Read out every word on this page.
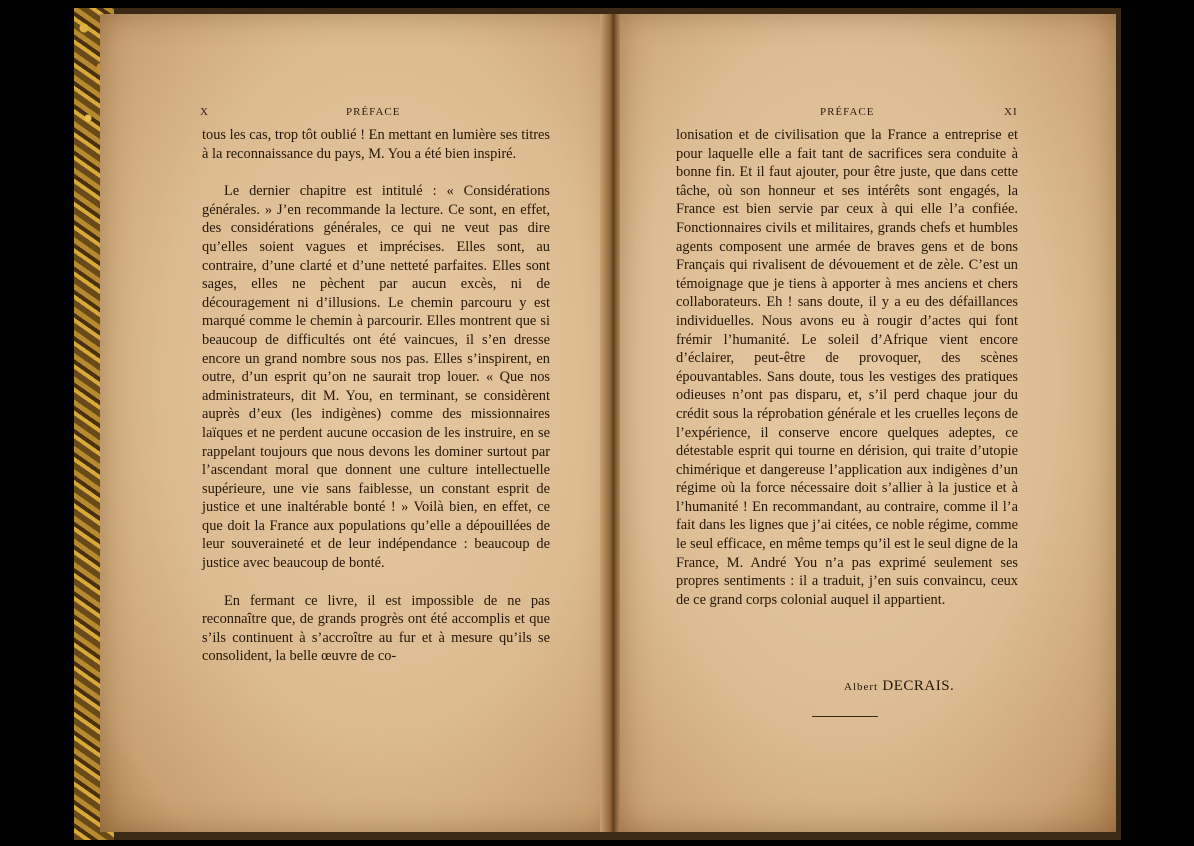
X	PRÉFACE

tous les cas, trop tôt oublié ! En mettant en lumière ses titres à la reconnaissance du pays, M. You a été bien inspiré.

Le dernier chapitre est intitulé : « Considérations générales. » J’en recommande la lecture. Ce sont, en effet, des considérations générales, ce qui ne veut pas dire qu’elles soient vagues et imprécises. Elles sont, au contraire, d’une clarté et d’une netteté parfaites. Elles sont sages, elles ne pèchent par aucun excès, ni de découragement ni d’illusions. Le chemin parcouru y est marqué comme le chemin à parcourir. Elles montrent que si beaucoup de difficultés ont été vaincues, il s’en dresse encore un grand nombre sous nos pas. Elles s’inspirent, en outre, d’un esprit qu’on ne saurait trop louer. « Que nos administrateurs, dit M. You, en terminant, se considèrent auprès d’eux (les indigènes) comme des missionnaires laïques et ne perdent aucune occasion de les instruire, en se rappelant toujours que nous devons les dominer surtout par l’ascendant moral que donnent une culture intellectuelle supérieure, une vie sans faiblesse, un constant esprit de justice et une inaltérable bonté ! » Voilà bien, en effet, ce que doit la France aux populations qu’elle a dépouillées de leur souveraineté et de leur indépendance : beaucoup de justice avec beaucoup de bonté.

En fermant ce livre, il est impossible de ne pas reconnaître que, de grands progrès ont été accomplis et que s’ils continuent à s’accroître au fur et à mesure qu’ils se consolident, la belle œuvre de co-

PRÉFACE	XI

lonisation et de civilisation que la France a entreprise et pour laquelle elle a fait tant de sacrifices sera conduite à bonne fin. Et il faut ajouter, pour être juste, que dans cette tâche, où son honneur et ses intérêts sont engagés, la France est bien servie par ceux à qui elle l’a confiée. Fonctionnaires civils et militaires, grands chefs et humbles agents composent une armée de braves gens et de bons Français qui rivalisent de dévouement et de zèle. C’est un témoignage que je tiens à apporter à mes anciens et chers collaborateurs. Eh ! sans doute, il y a eu des défaillances individuelles. Nous avons eu à rougir d’actes qui font frémir l’humanité. Le soleil d’Afrique vient encore d’éclairer, peut-être de provoquer, des scènes épouvantables. Sans doute, tous les vestiges des pratiques odieuses n’ont pas disparu, et, s’il perd chaque jour du crédit sous la réprobation générale et les cruelles leçons de l’expérience, il conserve encore quelques adeptes, ce détestable esprit qui tourne en dérision, qui traite d’utopie chimérique et dangereuse l’application aux indigènes d’un régime où la force nécessaire doit s’allier à la justice et à l’humanité ! En recommandant, au contraire, comme il l’a fait dans les lignes que j’ai citées, ce noble régime, comme le seul efficace, en même temps qu’il est le seul digne de la France, M. André You n’a pas exprimé seulement ses propres sentiments : il a traduit, j’en suis convaincu, ceux de ce grand corps colonial auquel il appartient.

Albert DECRAIS.
